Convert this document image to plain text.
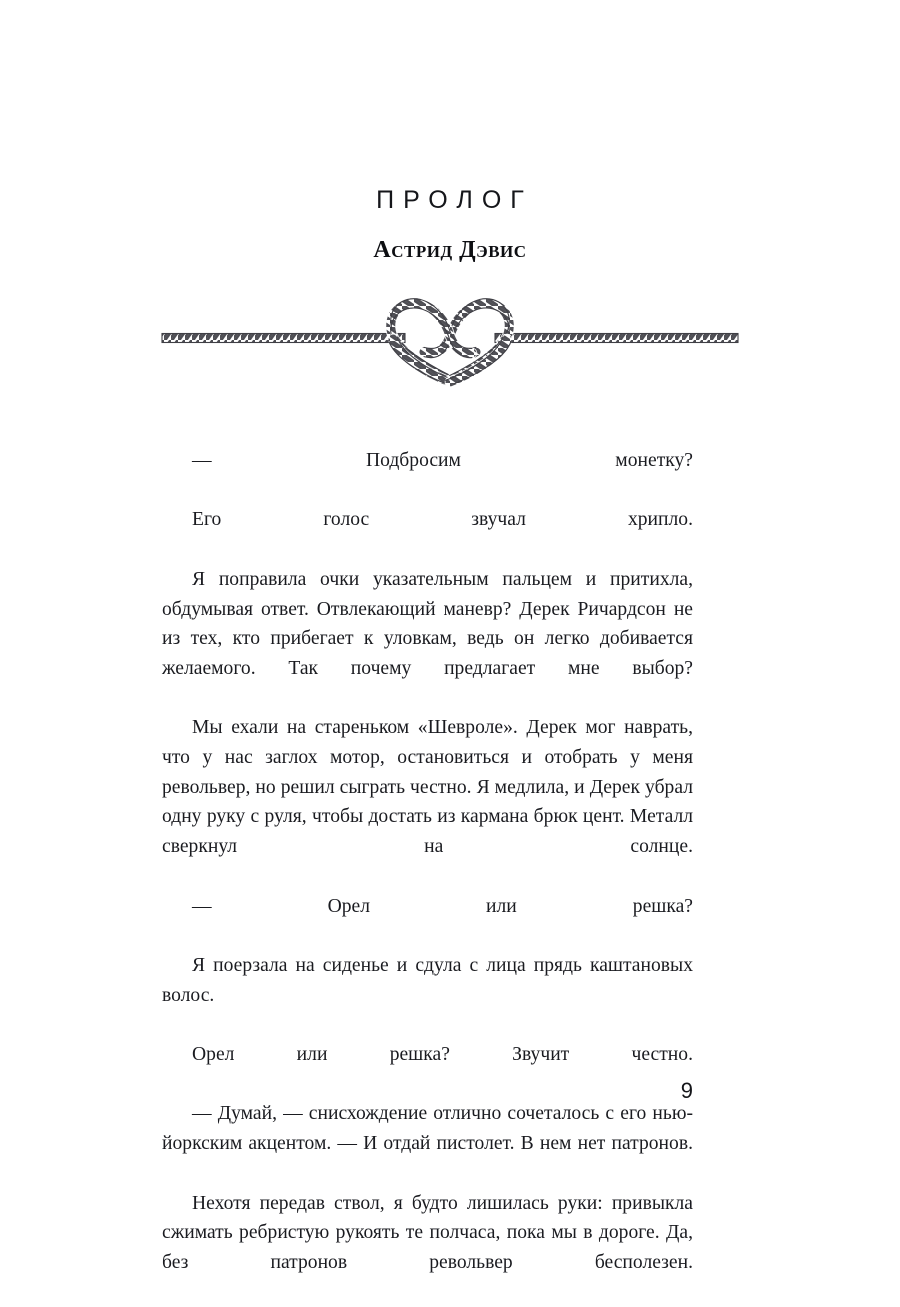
ПРОЛОГ
Астрид Дэвис

— Подбросим монетку?

Его голос звучал хрипло.

Я поправила очки указательным пальцем и притихла, обдумывая ответ. Отвлекающий маневр? Дерек Ричардсон не из тех, кто прибегает к уловкам, ведь он легко добивается желаемого. Так почему предлагает мне выбор?

Мы ехали на стареньком «Шевроле». Дерек мог наврать, что у нас заглох мотор, остановиться и отобрать у меня револьвер, но решил сыграть честно. Я медлила, и Дерек убрал одну руку с руля, чтобы достать из кармана брюк цент. Металл сверкнул на солнце.

— Орел или решка?

Я поерзала на сиденье и сдула с лица прядь каштановых волос.

Орел или решка? Звучит честно.

— Думай, — снисхождение отлично сочеталось с его нью-йоркским акцентом. — И отдай пистолет. В нем нет патронов.

Нехотя передав ствол, я будто лишилась руки: привыкла сжимать ребристую рукоять те полчаса, пока мы в дороге. Да, без патронов револьвер бесполезен.

9
